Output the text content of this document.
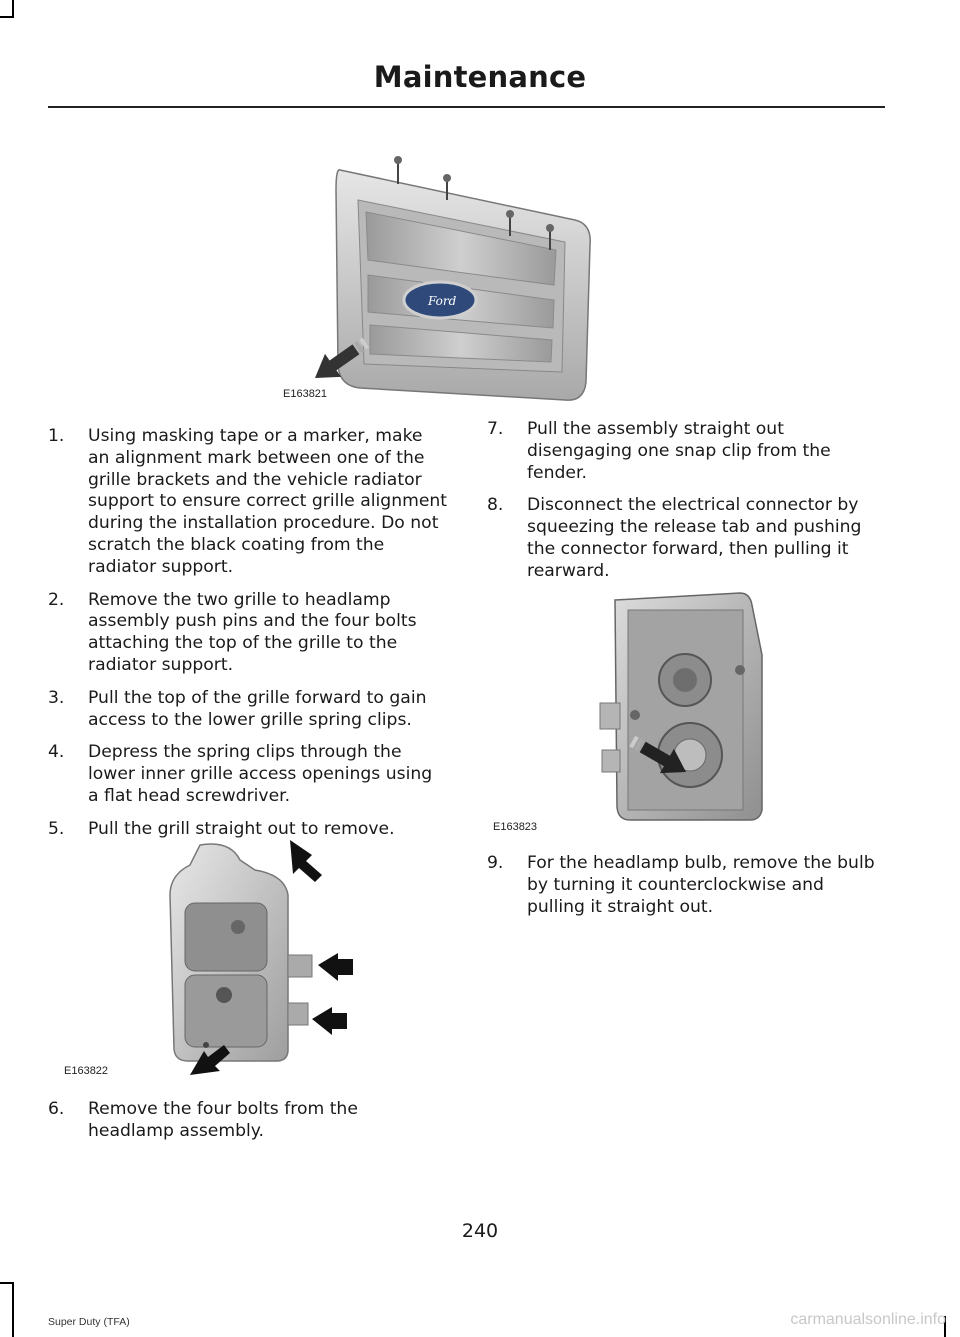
Maintenance
Ford
E163821
1. Using masking tape or a marker, make an alignment mark between one of the grille brackets and the vehicle radiator support to ensure correct grille alignment during the installation procedure. Do not scratch the black coating from the radiator support.
2. Remove the two grille to headlamp assembly push pins and the four bolts attaching the top of the grille to the radiator support.
3. Pull the top of the grille forward to gain access to the lower grille spring clips.
4. Depress the spring clips through the lower inner grille access openings using a flat head screwdriver.
5. Pull the grill straight out to remove.
E163822
6. Remove the four bolts from the headlamp assembly.
7. Pull the assembly straight out disengaging one snap clip from the fender.
8. Disconnect the electrical connector by squeezing the release tab and pushing the connector forward, then pulling it rearward.
E163823
9. For the headlamp bulb, remove the bulb by turning it counterclockwise and pulling it straight out.
240
Super Duty (TFA)	carmanualsonline.info
